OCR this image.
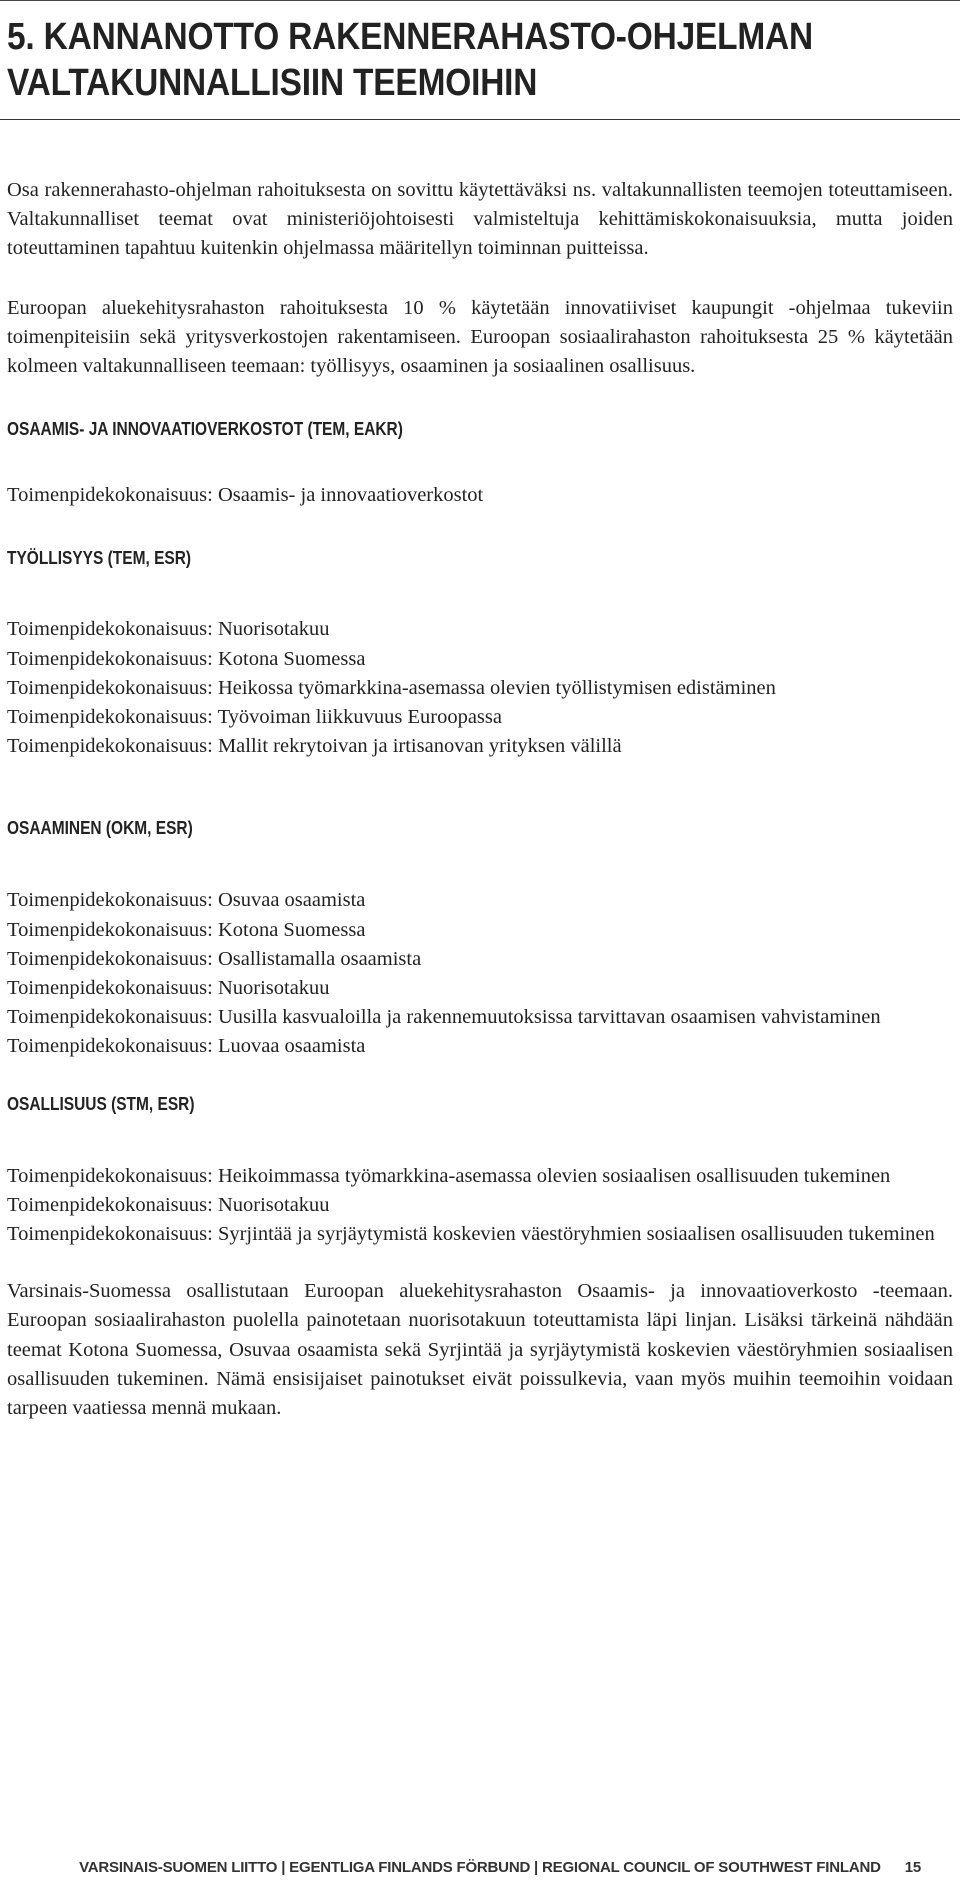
5. KANNANOTTO RAKENNERAHASTO-OHJELMAN VALTAKUNNALLISIIN TEEMOIHIN

Osa rakennerahasto-ohjelman rahoituksesta on sovittu käytettäväksi ns. valtakunnallisten teemojen toteuttamiseen. Valtakunnalliset teemat ovat ministeriöjohtoisesti valmisteltuja kehittämiskokonaisuuksia, mutta joiden toteuttaminen tapahtuu kuitenkin ohjelmassa määritellyn toiminnan puitteissa.

Euroopan aluekehitysrahaston rahoituksesta 10 % käytetään innovatiiviset kaupungit -ohjelmaa tukeviin toimenpiteisiin sekä yritysverkostojen rakentamiseen. Euroopan sosiaalirahaston rahoituksesta 25 % käytetään kolmeen valtakunnalliseen teemaan: työllisyys, osaaminen ja sosiaalinen osallisuus.

OSAAMIS- JA INNOVAATIOVERKOSTOT (TEM, EAKR)

Toimenpidekokonaisuus: Osaamis- ja innovaatioverkostot

TYÖLLISYYS (TEM, ESR)

Toimenpidekokonaisuus: Nuorisotakuu

Toimenpidekokonaisuus: Kotona Suomessa

Toimenpidekokonaisuus: Heikossa työmarkkina-asemassa olevien työllistymisen edistäminen

Toimenpidekokonaisuus: Työvoiman liikkuvuus Euroopassa

Toimenpidekokonaisuus: Mallit rekrytoivan ja irtisanovan yrityksen välillä

OSAAMINEN (OKM, ESR)

Toimenpidekokonaisuus: Osuvaa osaamista

Toimenpidekokonaisuus: Kotona Suomessa

Toimenpidekokonaisuus: Osallistamalla osaamista

Toimenpidekokonaisuus: Nuorisotakuu

Toimenpidekokonaisuus: Uusilla kasvualoilla ja rakennemuutoksissa tarvittavan osaamisen vahvistaminen

Toimenpidekokonaisuus: Luovaa osaamista

OSALLISUUS (STM, ESR)

Toimenpidekokonaisuus: Heikoimmassa työmarkkina-asemassa olevien sosiaalisen osallisuuden tukeminen

Toimenpidekokonaisuus: Nuorisotakuu

Toimenpidekokonaisuus: Syrjintää ja syrjäytymistä koskevien väestöryhmien sosiaalisen osallisuuden tukeminen

Varsinais-Suomessa osallistutaan Euroopan aluekehitysrahaston Osaamis- ja innovaatioverkosto -teemaan. Euroopan sosiaalirahaston puolella painotetaan nuorisotakuun toteuttamista läpi linjan. Lisäksi tärkeinä nähdään teemat Kotona Suomessa, Osuvaa osaamista sekä Syrjintää ja syrjäytymistä koskevien väestöryhmien sosiaalisen osallisuuden tukeminen. Nämä ensisijaiset painotukset eivät poissulkevia, vaan myös muihin teemoihin voidaan tarpeen vaatiessa mennä mukaan.

VARSINAIS-SUOMEN LIITTO | EGENTLIGA FINLANDS FÖRBUND | REGIONAL COUNCIL OF SOUTHWEST FINLAND 15
